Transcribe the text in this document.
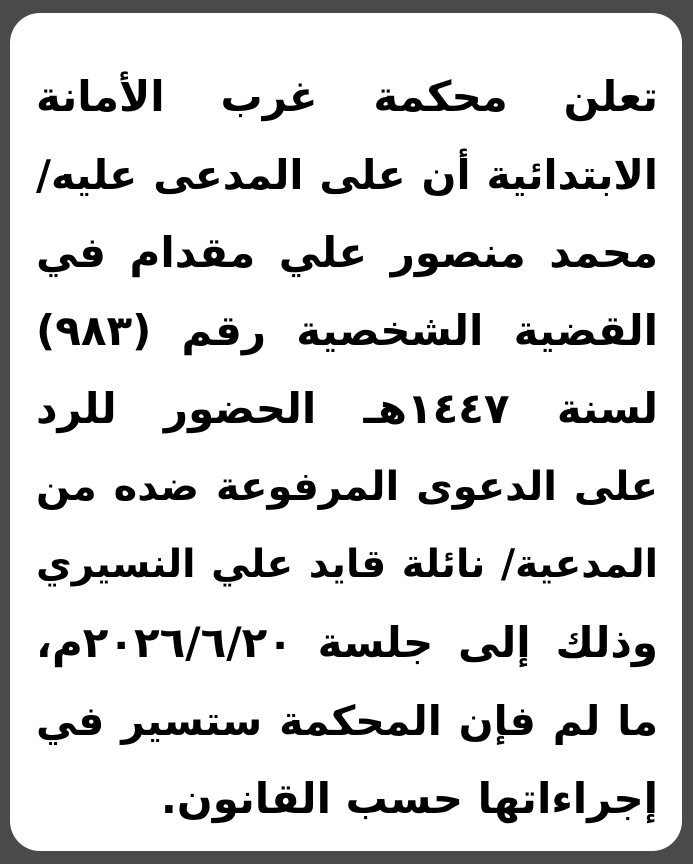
تعلن محكمة غرب الأمانة
الابتدائية أن على المدعى عليه/
محمد منصور علي مقدام في
القضية الشخصية رقم (٩٨٣)
لسنة ١٤٤٧هـ الحضور للرد
على الدعوى المرفوعة ضده من
المدعية/ نائلة قايد علي النسيري
وذلك إلى جلسة ٢٠٢٦/٦/٢٠م،
ما لم فإن المحكمة ستسير في
إجراءاتها حسب القانون.
